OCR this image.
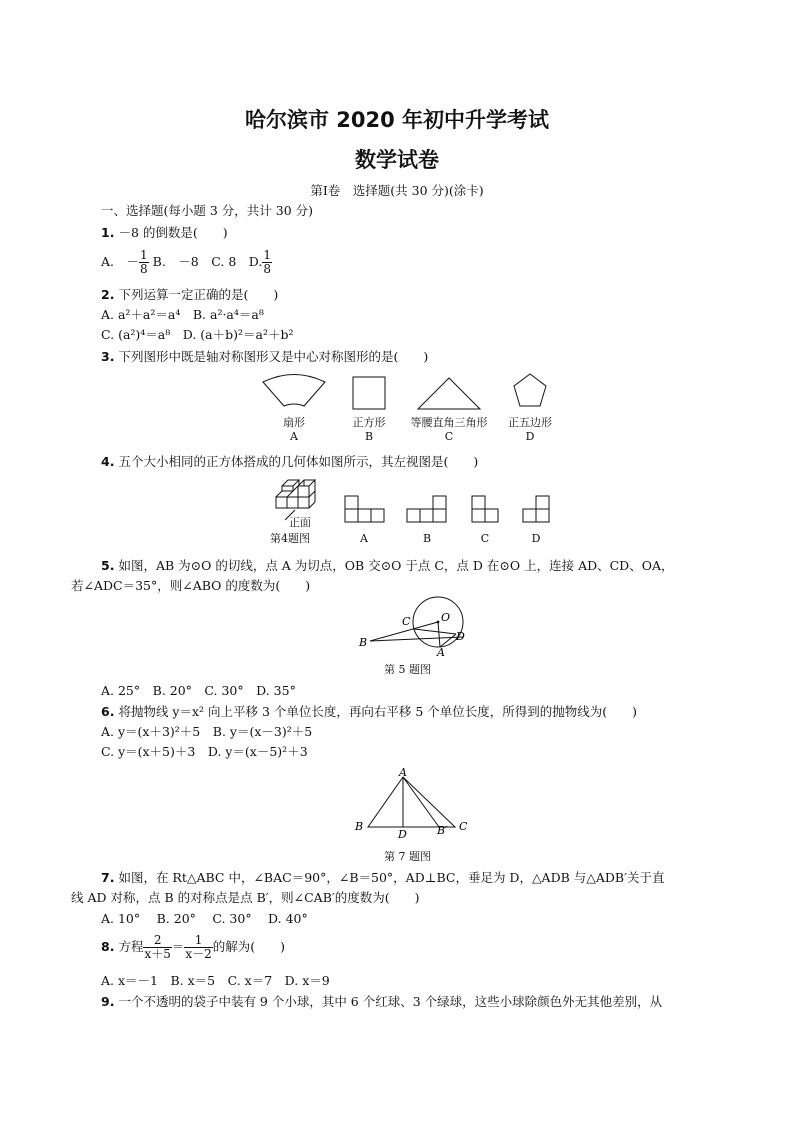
哈尔滨市 2020 年初中升学考试
数学试卷
第Ⅰ卷　选择题(共 30 分)(涂卡)
一、选择题(每小题 3 分，共计 30 分)
1. －8 的倒数是(　　)
A.　－ $\frac{1}{8} B$.　－8　C. 8　D. $\frac{1}{8}$
2. 下列运算一定正确的是(　　)
A. a²＋a²＝a⁴　B. a²·a⁴＝a⁸
C. (a²)⁴＝a⁸　D. (a＋b)²＝a²＋b²
3. 下列图形中既是轴对称图形又是中心对称图形的是(　　)
扇形	正方形	等腰直角三角形	正五边形
A	B	C	D
4. 五个大小相同的正方体搭成的几何体如图所示，其左视图是(　　)
正面
第4题图	A	B	C	D
5. 如图，AB 为⊙O 的切线，点 A 为切点，OB 交⊙O 于点 C，点 D 在⊙O 上，连接 AD、CD、OA，
若∠ADC＝35°，则∠ABO 的度数为(　　)
O
C
B	D
A
第 5 题图
A. 25°　B. 20°　C. 30°　D. 35°
6. 将抛物线 y＝x² 向上平移 3 个单位长度，再向右平移 5 个单位长度，所得到的抛物线为(　　)
A. y＝(x＋3)²＋5　B. y＝(x－3)²＋5
C. y＝(x＋5)＋3　D. y＝(x－5)²＋3
A
B
D	B′ C
第 7 题图
7. 如图，在 Rt△ABC 中，∠BAC＝90°，∠B＝50°，AD⊥BC，垂足为 D，△ADB 与△ADB′关于直
线 AD 对称，点 B 的对称点是点 B′，则∠CAB′的度数为(　　)
A. 10°　 B. 20°　 C. 30°　 D. 40°
8. 方程 $\frac{2}{x+5} = \frac{1}{x-2}$ 的解为(　　)
A. x＝－1　B. x＝5　C. x＝7　D. x＝9
9. 一个不透明的袋子中装有 9 个小球，其中 6 个红球、3 个绿球，这些小球除颜色外无其他差别，从
